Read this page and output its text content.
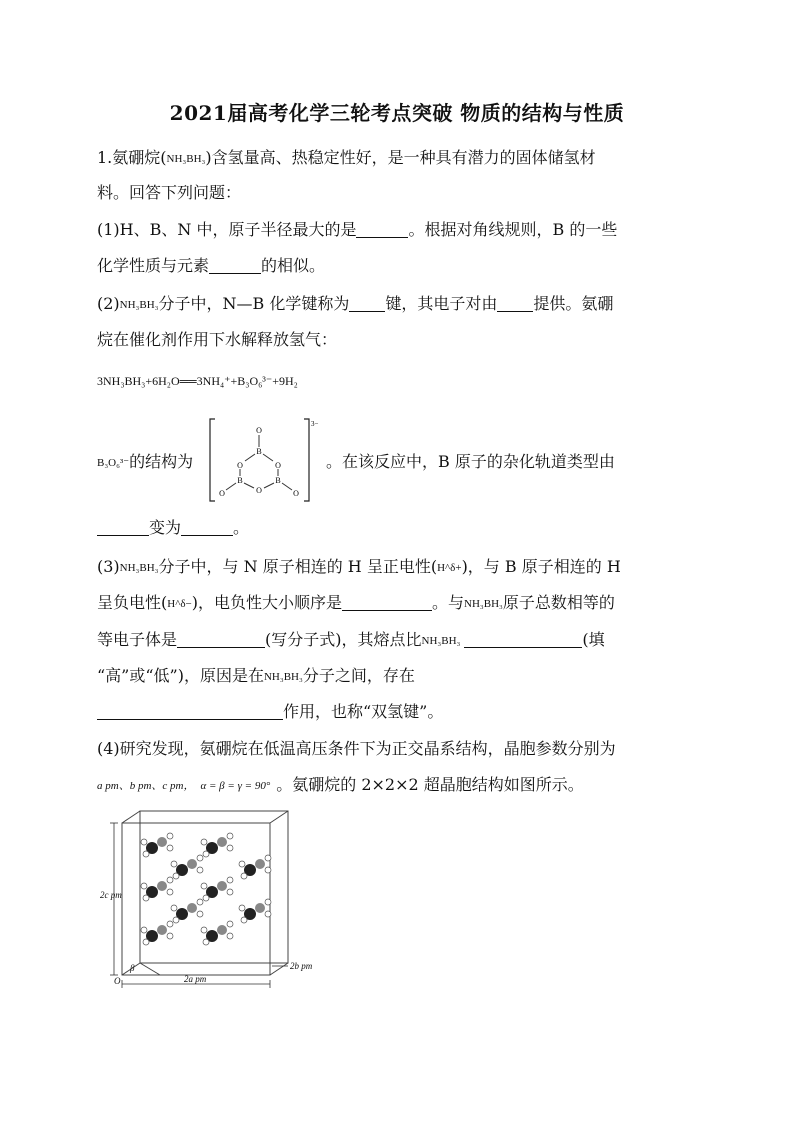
2021届高考化学三轮考点突破 物质的结构与性质
1.氨硼烷(NH₃BH₃)含氢量高、热稳定性好，是一种具有潜力的固体储氢材
料。回答下列问题：
(1)H、B、N 中，原子半径最大的是	。根据对角线规则，B 的一些
化学性质与元素	的相似。
(2)NH₃BH₃分子中，N—B 化学键称为 键，其电子对由 提供。氨硼
烷在催化剂作用下水解释放氢气：
3NH₃BH₃+6H₂O══3NH₄⁺+B₃O₆³⁻+9H₂
B₃O₆³⁻的结构为
3−
O
B
O	O
B	B
O
O	O
。在该反应中，B 原子的杂化轨道类型由
变为	。
(3)NH₃BH₃分子中，与 N 原子相连的 H 呈正电性(H^δ+)，与 B 原子相连的 H
呈负电性(H^δ−)，电负性大小顺序是	。与NH₃BH₃原子总数相等的
等电子体是	(写分子式)，其熔点比NH₃BH₃	(填
“高”或“低”)，原因是在NH₃BH₃分子之间，存在
作用，也称“双氢键”。
(4)研究发现，氨硼烷在低温高压条件下为正交晶系结构，晶胞参数分别为
a pm、b pm、c pm， α = β = γ = 90° 。氨硼烷的 2×2×2 超晶胞结构如图所示。
2c pm
2a pm
2b pm
O
β
